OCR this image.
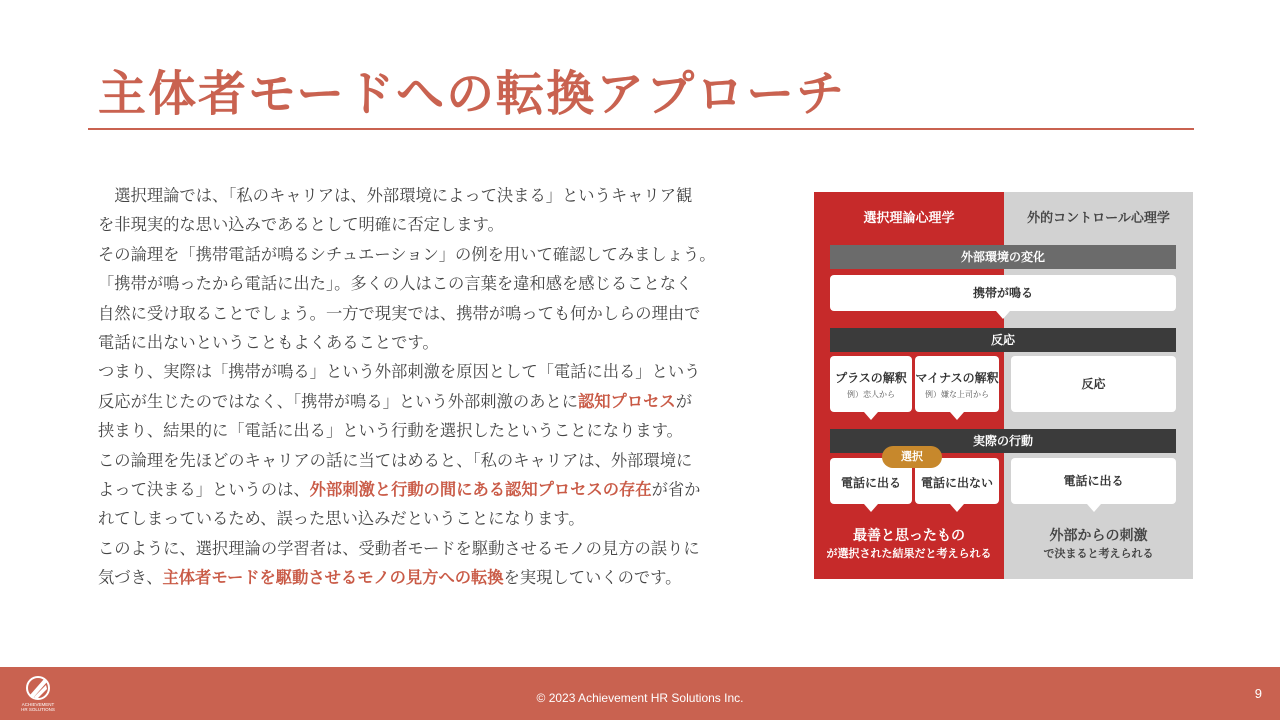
主体者モードへの転換アプローチ
　選択理論では、「私のキャリアは、外部環境によって決まる」というキャリア観
を非現実的な思い込みであるとして明確に否定します。
その論理を「携帯電話が鳴るシチュエーション」の例を用いて確認してみましょう。
「携帯が鳴ったから電話に出た」。多くの人はこの言葉を違和感を感じることなく
自然に受け取ることでしょう。一方で現実では、携帯が鳴っても何かしらの理由で
電話に出ないということもよくあることです。
つまり、実際は「携帯が鳴る」という外部刺激を原因として「電話に出る」という
反応が生じたのではなく、「携帯が鳴る」という外部刺激のあとに認知プロセスが
挟まり、結果的に「電話に出る」という行動を選択したということになります。
この論理を先ほどのキャリアの話に当てはめると、「私のキャリアは、外部環境に
よって決まる」というのは、外部刺激と行動の間にある認知プロセスの存在が省か
れてしまっているため、誤った思い込みだということになります。
このように、選択理論の学習者は、受動者モードを駆動させるモノの見方の誤りに
気づき、主体者モードを駆動させるモノの見方への転換を実現していくのです。
選択理論心理学	外的コントロール心理学
外部環境の変化
携帯が鳴る
反応
プラスの解釈
例）恋人から
マイナスの解釈
例）嫌な上司から
反応
実際の行動
電話に出る	電話に出ない
選択
電話に出る
最善と思ったもの
が選択された結果だと考えられる
外部からの刺激
で決まると考えられる
ACHIEVEMENT
HR SOLUTIONS
© 2023 Achievement HR Solutions Inc.	9
